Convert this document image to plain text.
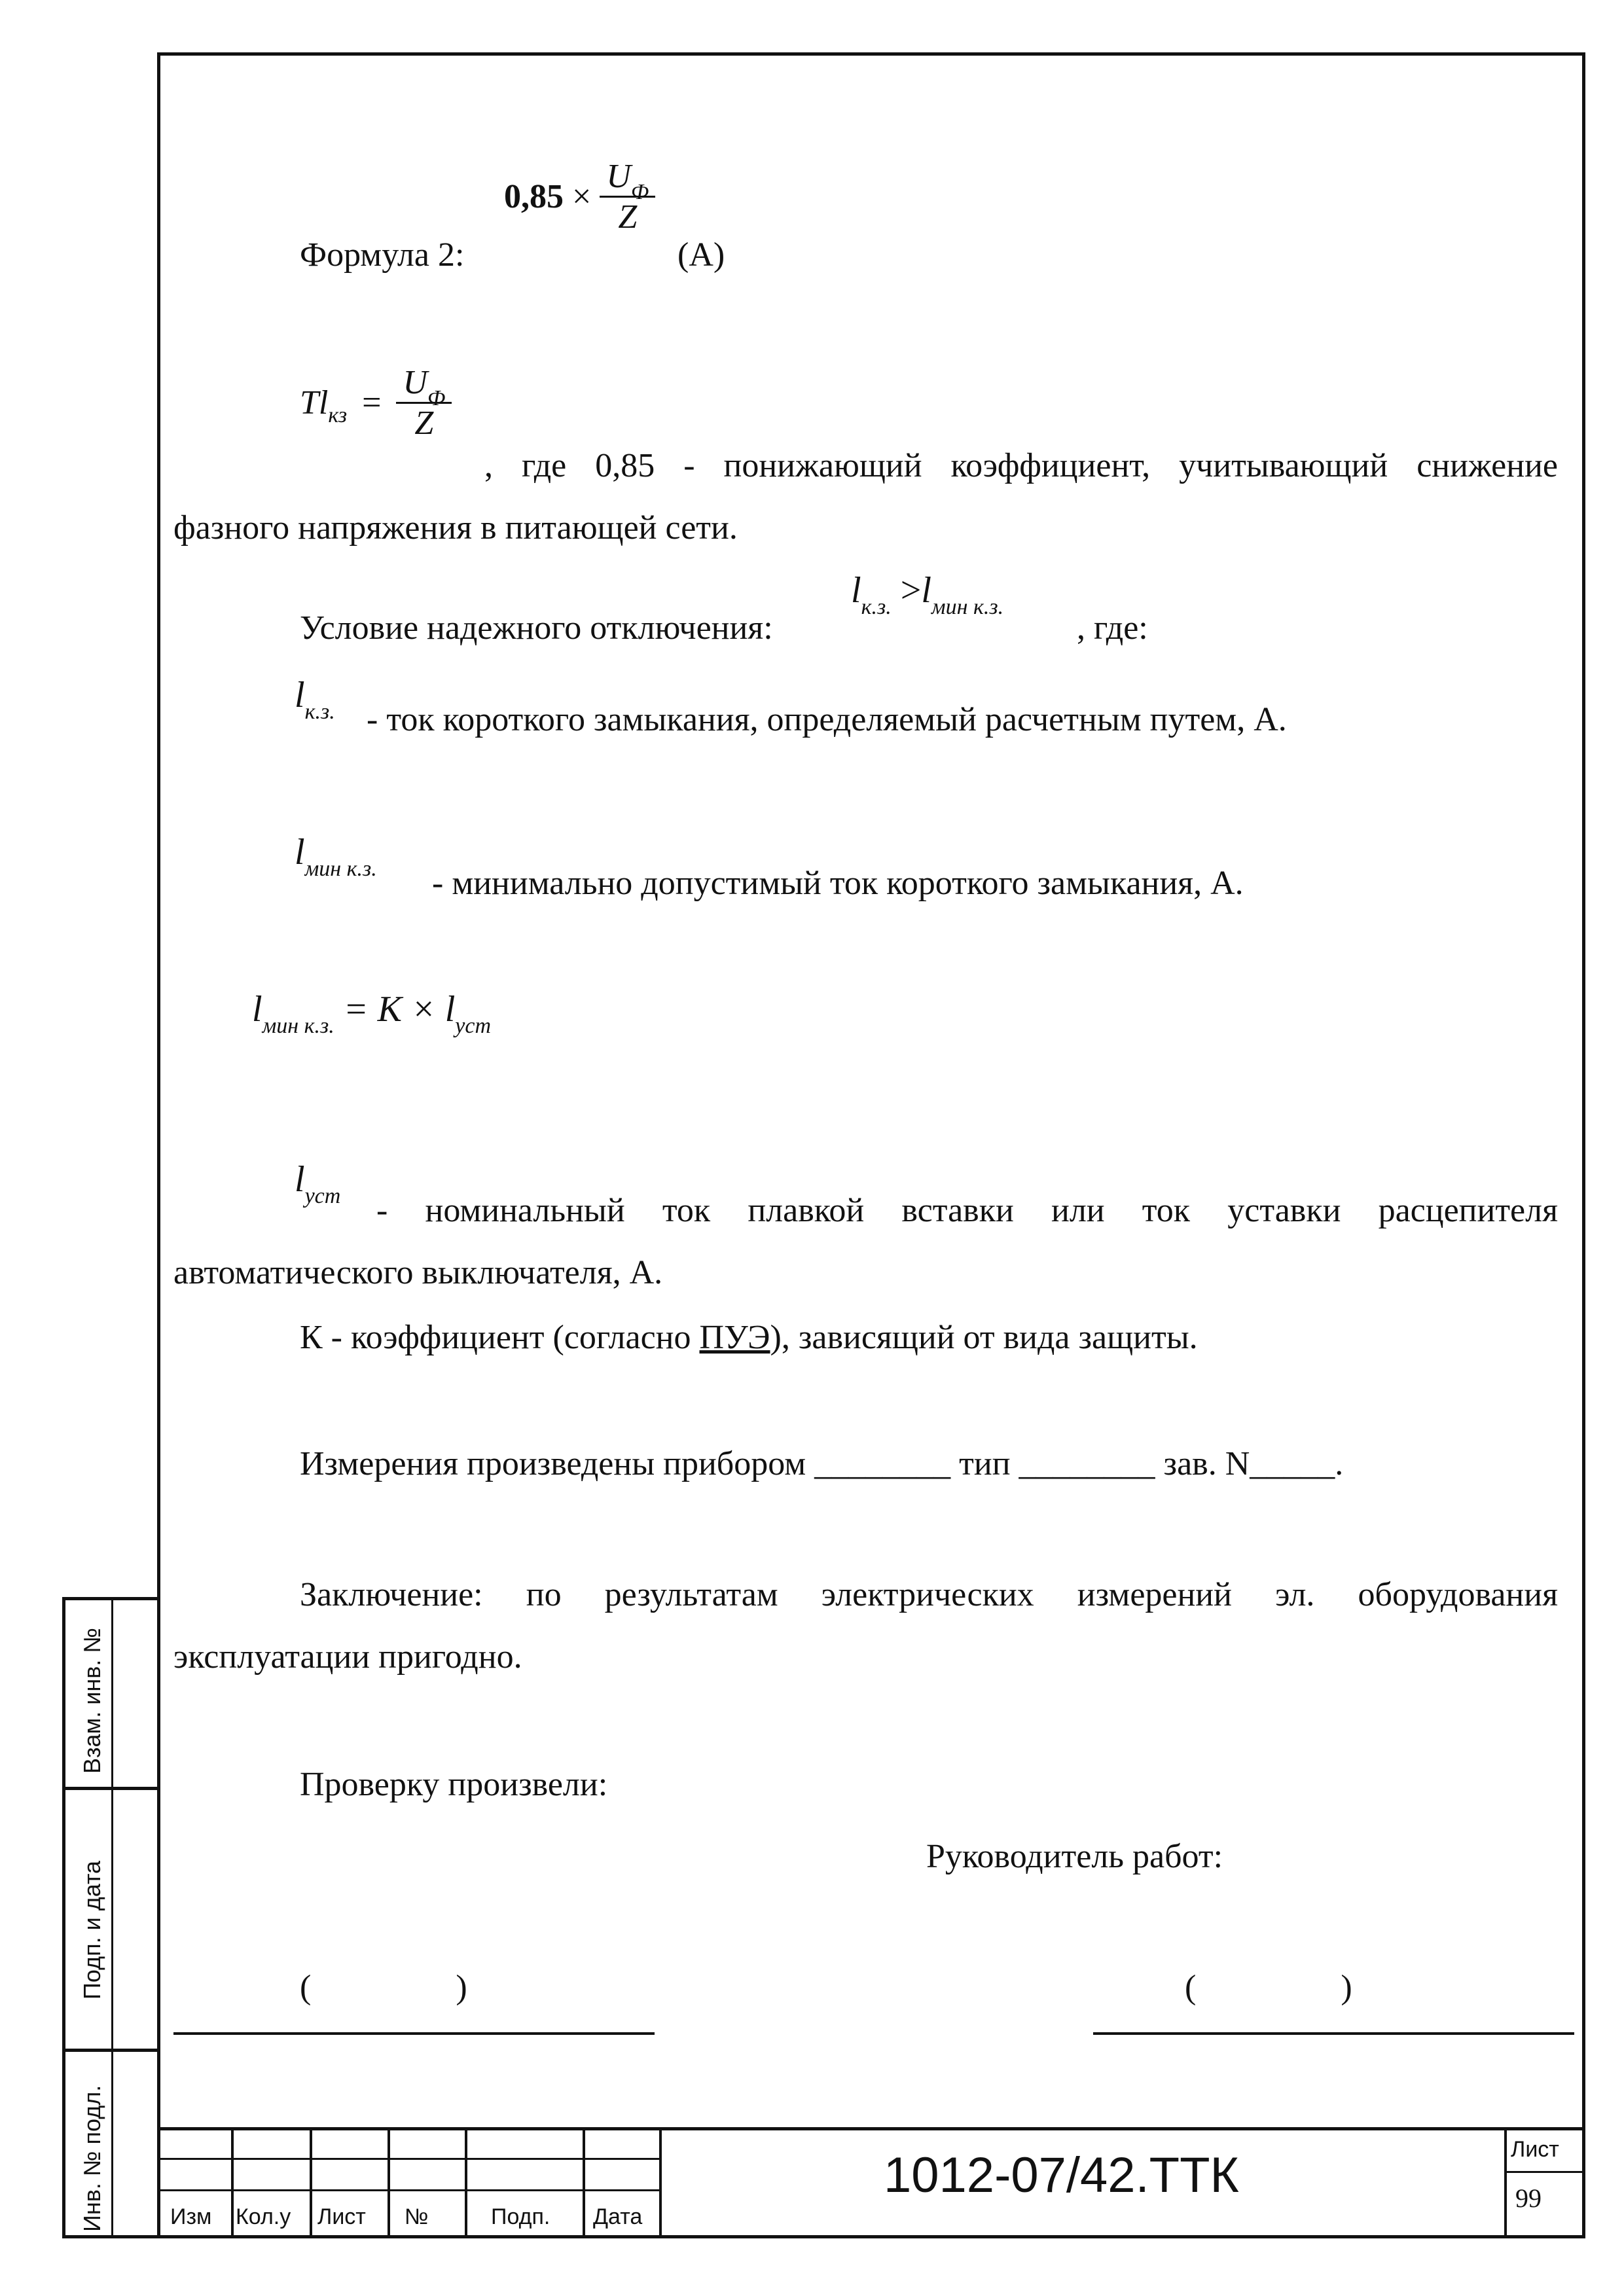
Взам. инв. №
Подп. и дата
Инв. № подл.
Формула 2:
$0,85 \times \frac{U_Ф}{Z}$
(А)
$Tl_{кз} = \frac{U_Ф}{Z}$
, где 0,85 - понижающий коэффициент, учитывающий снижение
фазного напряжения в питающей сети.
Условие надежного отключения:
$l_{к.з.} >l_{мин к.з.}$
, где:
$l_{к.з.}$ - ток короткого замыкания, определяемый расчетным путем, А.
$l_{мин к.з.}$ - минимально допустимый ток короткого замыкания, А.
$l_{мин к.з.} = K \times l_{уст}$
$l_{уст}$ - номинальный ток плавкой вставки или ток уставки расцепителя
автоматического выключателя, А.
К - коэффициент (согласно ПУЭ), зависящий от вида защиты.
Измерения произведены прибором ________ тип ________ зав. N_____.
Заключение: по результатам электрических измерений эл. оборудования
эксплуатации пригодно.
Проверку произвели:
Руководитель работ:
(                 )	(                 )
Изм Кол.у Лист №	Подп. Дата
1012-07/42.ТТК	Лист
99
